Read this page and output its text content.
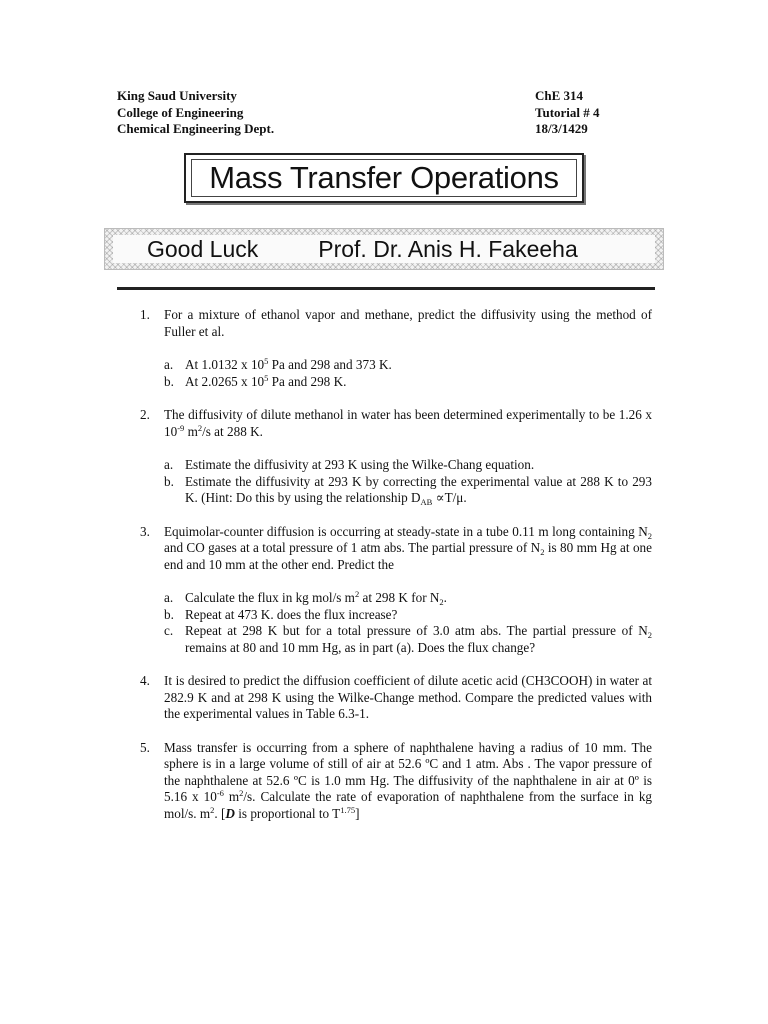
King Saud University	ChE 314
College of Engineering	Tutorial # 4
Chemical Engineering Dept.	18/3/1429
Mass Transfer Operations
Good Luck	Prof. Dr. Anis H. Fakeeha
1. For a mixture of ethanol vapor and methane, predict the diffusivity using the method of Fuller et al.
a. At 1.0132 x $10^5$ Pa and 298 and 373 K.
b. At 2.0265 x $10^5$ Pa and 298 K.
2. The diffusivity of dilute methanol in water has been determined experimentally to be 1.26 x $10^{-9}$ $m^2/s$ at 288 K.
a. Estimate the diffusivity at 293 K using the Wilke-Chang equation.
b. Estimate the diffusivity at 293 K by correcting the experimental value at 288 K to 293 K. (Hint: Do this by using the relationship $D_{AB} \propto T/\mu$.
3. Equimolar-counter diffusion is occurring at steady-state in a tube 0.11 m long containing $N_2$ and CO gases at a total pressure of 1 atm abs. The partial pressure of $N_2$ is 80 mm Hg at one end and 10 mm at the other end. Predict the
a. Calculate the flux in kg mol/s $m^2$ at 298 K for $N_2$.
b. Repeat at 473 K. does the flux increase?
c. Repeat at 298 K but for a total pressure of 3.0 atm abs. The partial pressure of $N_2$ remains at 80 and 10 mm Hg, as in part (a). Does the flux change?
4. It is desired to predict the diffusion coefficient of dilute acetic acid (CH3COOH) in water at 282.9 K and at 298 K using the Wilke-Change method. Compare the predicted values with the experimental values in Table 6.3-1.
5. Mass transfer is occurring from a sphere of naphthalene having a radius of 10 mm. The sphere is in a large volume of still of air at 52.6 ºC and 1 atm. Abs . The vapor pressure of the naphthalene at 52.6 ºC is 1.0 mm Hg. The diffusivity of the naphthalene in air at 0º is 5.16 x $10^{-6}$ $m^2/s$. Calculate the rate of evaporation of naphthalene from the surface in kg mol/s. $m^2$. [D is proportional to $T^{1.75}$]
